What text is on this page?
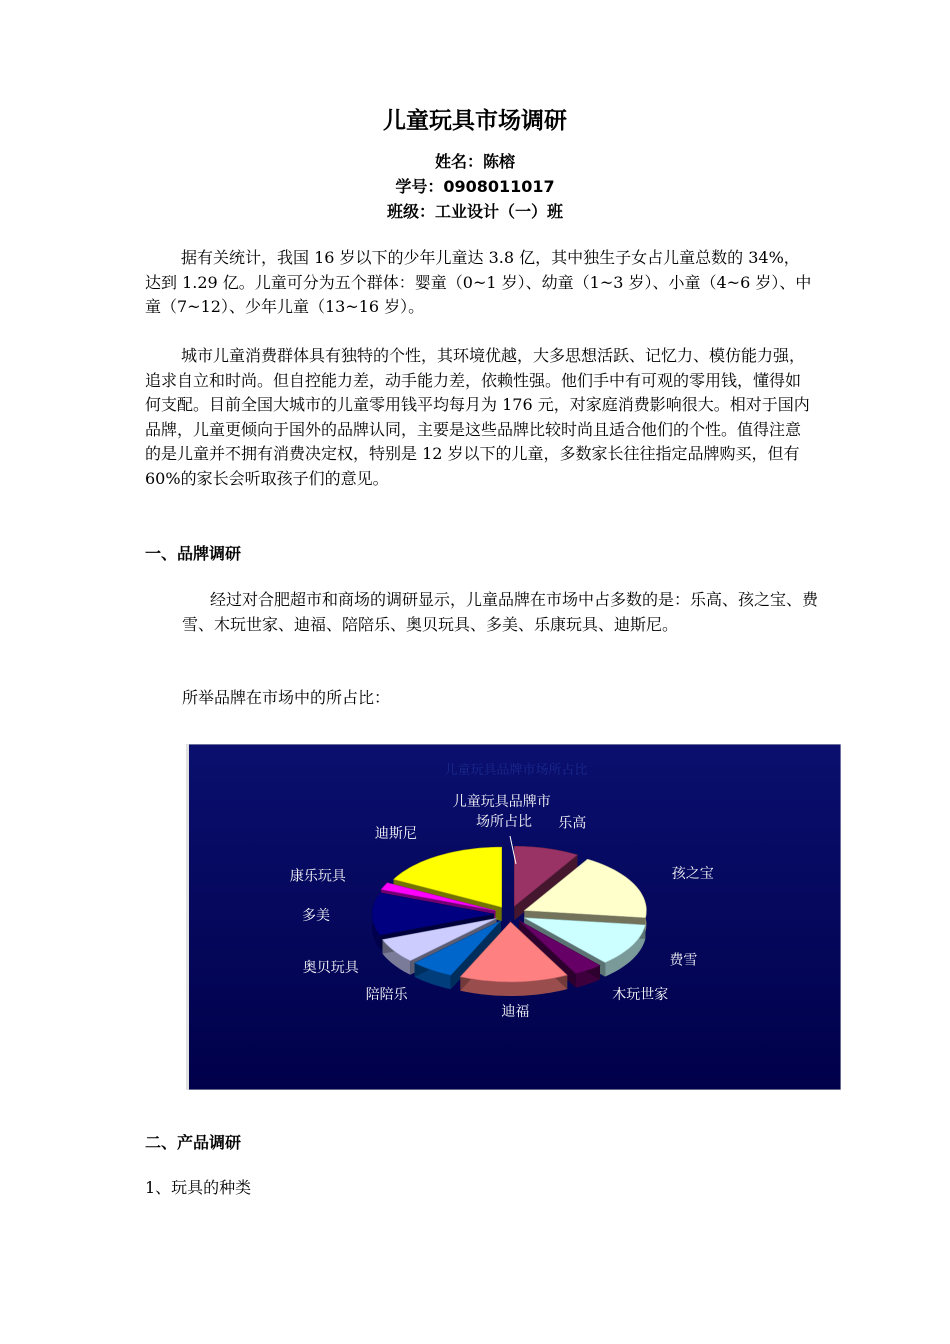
儿童玩具市场调研
姓名：陈榕
学号：0908011017
班级：工业设计（一）班

据有关统计，我国 16 岁以下的少年儿童达 3.8 亿，其中独生子女占儿童总数的 34%，达到 1.29 亿。儿童可分为五个群体：婴童（0~1 岁）、幼童（1~3 岁）、小童（4~6 岁）、中童（7~12）、少年儿童（13~16 岁）。

城市儿童消费群体具有独特的个性，其环境优越，大多思想活跃、记忆力、模仿能力强，追求自立和时尚。但自控能力差，动手能力差，依赖性强。他们手中有可观的零用钱，懂得如何支配。目前全国大城市的儿童零用钱平均每月为 176 元，对家庭消费影响很大。相对于国内品牌，儿童更倾向于国外的品牌认同，主要是这些品牌比较时尚且适合他们的个性。值得注意的是儿童并不拥有消费决定权，特别是 12 岁以下的儿童，多数家长往往指定品牌购买，但有 60%的家长会听取孩子们的意见。

一、品牌调研

经过对合肥超市和商场的调研显示，儿童品牌在市场中占多数的是：乐高、孩之宝、费雪、木玩世家、迪福、陪陪乐、奥贝玩具、多美、乐康玩具、迪斯尼。

所举品牌在市场中的所占比：

儿童玩具品牌市场所占比
乐高
孩之宝
费雪
木玩世家
迪福
陪陪乐
奥贝玩具
多美
康乐玩具
迪斯尼
儿童玩具品牌市 场所占比
二、产品调研
1、玩具的种类
